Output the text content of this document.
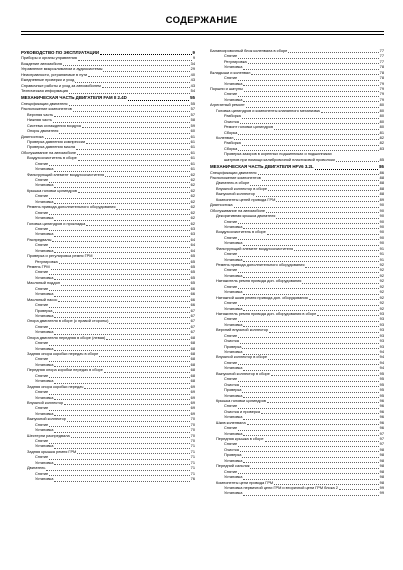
СОДЕРЖАНИЕ
РУКОВОДСТВО ПО ЭКСПЛУАТАЦИИ	9
Приборы и органы управления	9
Вождение автомобиля	34
Управление микроклиматом и аудиосистемы	29
Неисправности, устраняемые в пути	40
Ежедневные проверки и уход	43
Справочные работы и уход за автомобилем	43
Техническая информация	54
МЕХАНИЧЕСКАЯ ЧАСТЬ ДВИГАТЕЛЯ FAM II 2.4D	55
Спецификации двигателя	55
Расположение компонентов	57
Верхняя часть	57
Нижняя часть	58
Система охлаждения воздуха	59
Опоры двигателя	60
Диагностика	61
Проверка давления компрессии	61
Проверка давления масла	61
Обслуживание на автомобиле	61
Воздухоочиститель в сборе	61
Снятие	61
Установка	61
Фильтрующий элемент воздухоочистителя	62
Снятие	62
Установка	62
Крышка головки цилиндров	62
Снятие	62
Установка	62
Ремень привода дополнительного оборудования	62
Снятие	62
Установка	62
Головка цилиндров и прокладка	62
Снятие	63
Установка	63
Распредвалы	64
Снятие	64
Установка	64
Проверка и регулировка ремня ГРМ	65
Регулировка	65
Ремень ГРМ	65
Снятие	65
Установка	65
Масляный поддон	65
Снятие	66
Установка	66
Масляный насос	66
Снятие	66
Проверка	67
Установка	67
Опора двигателя в сборе (с правой стороны)	67
Снятие	67
Установка	67
Опора двигателя передняя в сборе (левая)	68
Снятие	68
Установка	68
Задняя опора коробки передач в сборе	68
Снятие	68
Установка	68
Передняя опора коробки передач в сборе	68
Снятие	68
Установка	68
Задняя опора коробки передач	69
Снятие	69
Установка	69
Впускной коллектор	69
Снятие	69
Установка	69
Выпускной коллектор	70
Снятие	70
Установка	70
Шестерни распредвала	70
Снятие	70
Установка	71
Задняя крышка ремня ГРМ	71
Снятие	71
Установка	71
Двигатель	71
Снятие	71
Установка	76
Балансировочный блок коленвала в сборе	77
Снятие	77
Регулировка	77
Установка	78
Вкладыши и коленвал	78
Снятие	78
Установка	79
Поршни и шатуны	79
Снятие	79
Установка	79
Агрегатный ремонт	80
Головка цилиндров и компоненты клапанного механизма	80
Разборка	80
Очистка	80
Ремонт головки цилиндров	80
Сборка	81
Коленвал	82
Разборка	82
Сборка	83
Проверка зазоров в коренных подшипниках и подшипниках
шатунов при помощи калибровочной пластиковой проволоки	85
МЕХАНИЧЕСКАЯ ЧАСТЬ ДВИГАТЕЛЯ HFV6 3.2L	86
Спецификации двигателя	86
Расположение компонентов	88
Двигатель в сборе	88
Впускной коллектор в сборе	88
Выпускной коллектор	88
Компоненты цепей привода ГРМ	89
Диагностика	90
Обслуживание на автомобиле	90
Декоративная крышка двигателя	90
Снятие	90
Установка	90
Воздухоочиститель в сборе	90
Снятие	90
Установка	90
Фильтрующий элемент воздухоочистителя	91
Снятие	91
Установка	91
Ремень привода дополнительного оборудования	92
Снятие	92
Установка	92
Натяжитель ремня привода доп. оборудования	92
Снятие	92
Установка	92
Натяжной шкив ремня привода доп. оборудования	92
Снятие	92
Установка	92
Натяжитель ремня привода доп. оборудования в сборе	93
Снятие	93
Установка	93
Верхний впускной коллектор	93
Снятие	93
Очистка	93
Проверка	93
Установка	94
Впускной коллектор в сборе	94
Снятие	94
Установка	94
Выпускной коллектор в сборе	95
Снятие	95
Очистка	95
Проверка	95
Установка	95
Крышка головки цилиндров	96
Снятие	96
Очистка и проверка	96
Установка	96
Шкив коленвала	96
Снятие	96
Установка	97
Передняя крышка в сборе	97
Снятие	97
Очистка	98
Проверка	98
Установка	98
Передний сальник	98
Снятие	98
Установка	98
Компоненты цепи привода ГРМ	98
Установка первичной цепи ГРМ и вторичной цепи ГРМ блока 2	99
Установка	99
